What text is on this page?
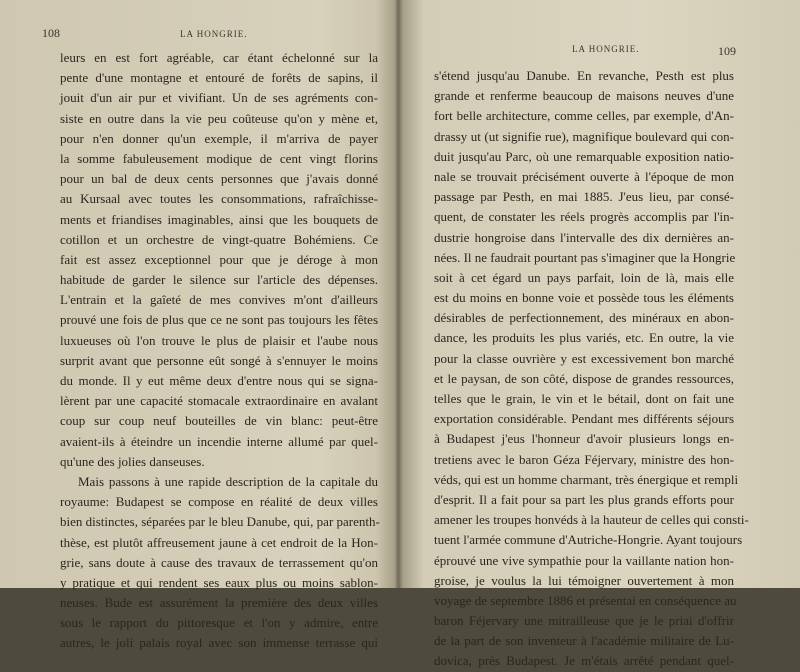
108	LA HONGRIE.
leurs en est fort agréable, car étant échelonné sur la
pente d'une montagne et entouré de forêts de sapins, il
jouit d'un air pur et vivifiant. Un de ses agréments con-
siste en outre dans la vie peu coûteuse qu'on y mène et,
pour n'en donner qu'un exemple, il m'arriva de payer
la somme fabuleusement modique de cent vingt florins
pour un bal de deux cents personnes que j'avais donné
au Kursaal avec toutes les consommations, rafraîchisse-
ments et friandises imaginables, ainsi que les bouquets de
cotillon et un orchestre de vingt-quatre Bohémiens. Ce
fait est assez exceptionnel pour que je déroge à mon
habitude de garder le silence sur l'article des dépenses.
L'entrain et la gaîeté de mes convives m'ont d'ailleurs
prouvé une fois de plus que ce ne sont pas toujours les fêtes
luxueuses où l'on trouve le plus de plaisir et l'aube nous
surprit avant que personne eût songé à s'ennuyer le moins
du monde. Il y eut même deux d'entre nous qui se signa-
lèrent par une capacité stomacale extraordinaire en avalant
coup sur coup neuf bouteilles de vin blanc: peut-être
avaient-ils à éteindre un incendie interne allumé par quel-
qu'une des jolies danseuses.
Mais passons à une rapide description de la capitale du
royaume: Budapest se compose en réalité de deux villes
bien distinctes, séparées par le bleu Danube, qui, par parenth-
thèse, est plutôt affreusement jaune à cet endroit de la Hon-
grie, sans doute à cause des travaux de terrassement qu'on
y pratique et qui rendent ses eaux plus ou moins sablon-
neuses. Bude est assurément la première des deux villes
sous le rapport du pittoresque et l'on y admire, entre
autres, le joli palais royal avec son immense terrasse qui
LA HONGRIE.	109
s'étend jusqu'au Danube. En revanche, Pesth est plus
grande et renferme beaucoup de maisons neuves d'une
fort belle architecture, comme celles, par exemple, d'An-
drassy ut (ut signifie rue), magnifique boulevard qui con-
duit jusqu'au Parc, où une remarquable exposition natio-
nale se trouvait précisément ouverte à l'époque de mon
passage par Pesth, en mai 1885. J'eus lieu, par consé-
quent, de constater les réels progrès accomplis par l'in-
dustrie hongroise dans l'intervalle des dix dernières an-
nées. Il ne faudrait pourtant pas s'imaginer que la Hongrie
soit à cet égard un pays parfait, loin de là, mais elle
est du moins en bonne voie et possède tous les éléments
désirables de perfectionnement, des minéraux en abon-
dance, les produits les plus variés, etc. En outre, la vie
pour la classe ouvrière y est excessivement bon marché
et le paysan, de son côté, dispose de grandes ressources,
telles que le grain, le vin et le bétail, dont on fait une
exportation considérable. Pendant mes différents séjours
à Budapest j'eus l'honneur d'avoir plusieurs longs en-
tretiens avec le baron Géza Féjervary, ministre des hon-
véds, qui est un homme charmant, très énergique et rempli
d'esprit. Il a fait pour sa part les plus grands efforts pour
amener les troupes honvéds à la hauteur de celles qui consti-
tuent l'armée commune d'Autriche-Hongrie. Ayant toujours
éprouvé une vive sympathie pour la vaillante nation hon-
groise, je voulus la lui témoigner ouvertement à mon
voyage de septembre 1886 et présentai en conséquence au
baron Féjervary une mitrailleuse que je le priai d'offrir
de la part de son inventeur à l'académie militaire de Lu-
dovica, près Budapest. Je m'étais arrêté pendant quel-
